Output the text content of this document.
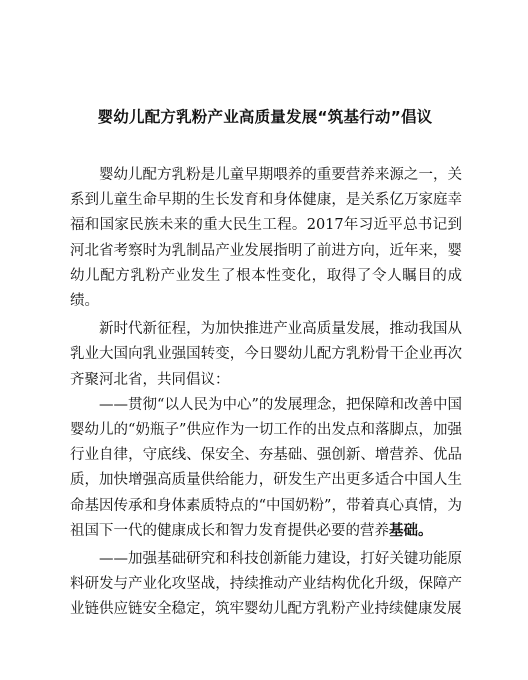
婴幼儿配方乳粉产业高质量发展“筑基行动”倡议

婴幼儿配方乳粉是儿童早期喂养的重要营养来源之一，关系到儿童生命早期的生长发育和身体健康，是关系亿万家庭幸福和国家民族未来的重大民生工程。2017年习近平总书记到河北省考察时为乳制品产业发展指明了前进方向，近年来，婴幼儿配方乳粉产业发生了根本性变化，取得了令人瞩目的成绩。

新时代新征程，为加快推进产业高质量发展，推动我国从乳业大国向乳业强国转变，今日婴幼儿配方乳粉骨干企业再次齐聚河北省，共同倡议：

——贯彻“以人民为中心”的发展理念，把保障和改善中国婴幼儿的“奶瓶子”供应作为一切工作的出发点和落脚点，加强行业自律，守底线、保安全、夯基础、强创新、增营养、优品质，加快增强高质量供给能力，研发生产出更多适合中国人生命基因传承和身体素质特点的“中国奶粉”，带着真心真情，为祖国下一代的健康成长和智力发育提供必要的营养基础。

——加强基础研究和科技创新能力建设，打好关键功能原料研发与产业化攻坚战，持续推动产业结构优化升级，保障产业链供应链安全稳定，筑牢婴幼儿配方乳粉产业持续健康发展
